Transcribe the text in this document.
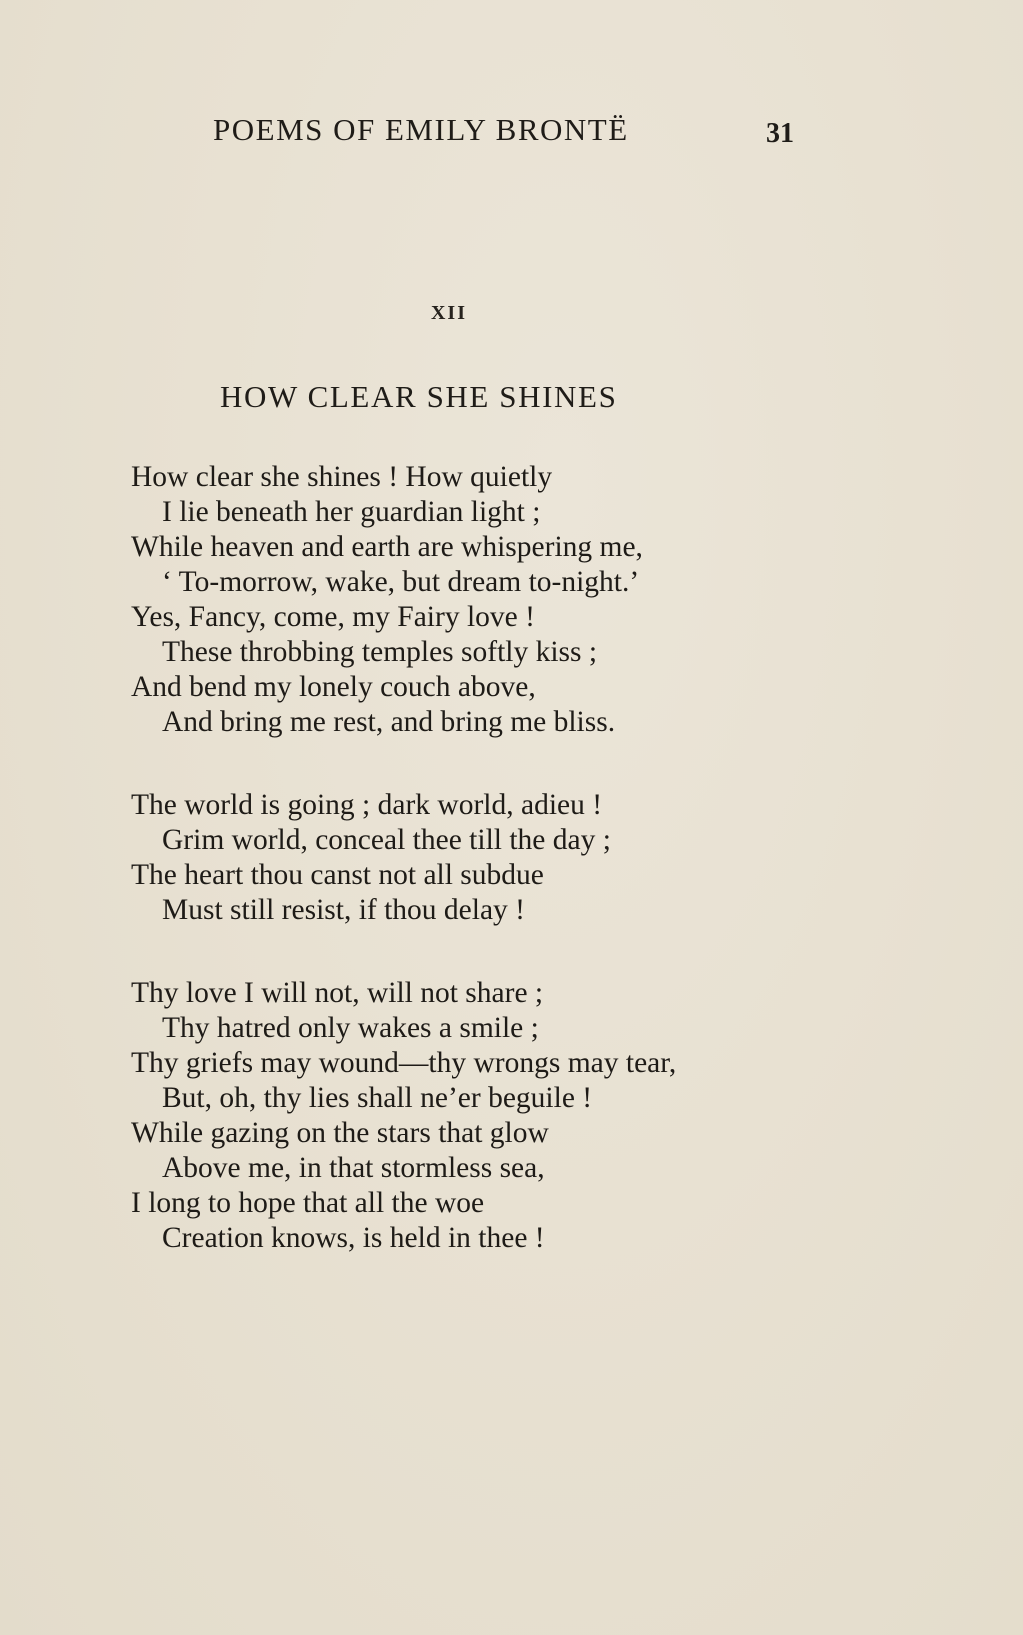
POEMS OF EMILY BRONTË	31
XII
HOW CLEAR SHE SHINES
How clear she shines ! How quietly
I lie beneath her guardian light ;
While heaven and earth are whispering me,
‘ To-morrow, wake, but dream to-night.’
Yes, Fancy, come, my Fairy love !
These throbbing temples softly kiss ;
And bend my lonely couch above,
And bring me rest, and bring me bliss.
The world is going ; dark world, adieu !
Grim world, conceal thee till the day ;
The heart thou canst not all subdue
Must still resist, if thou delay !
Thy love I will not, will not share ;
Thy hatred only wakes a smile ;
Thy griefs may wound—thy wrongs may tear,
But, oh, thy lies shall ne’er beguile !
While gazing on the stars that glow
Above me, in that stormless sea,
I long to hope that all the woe
Creation knows, is held in thee !
